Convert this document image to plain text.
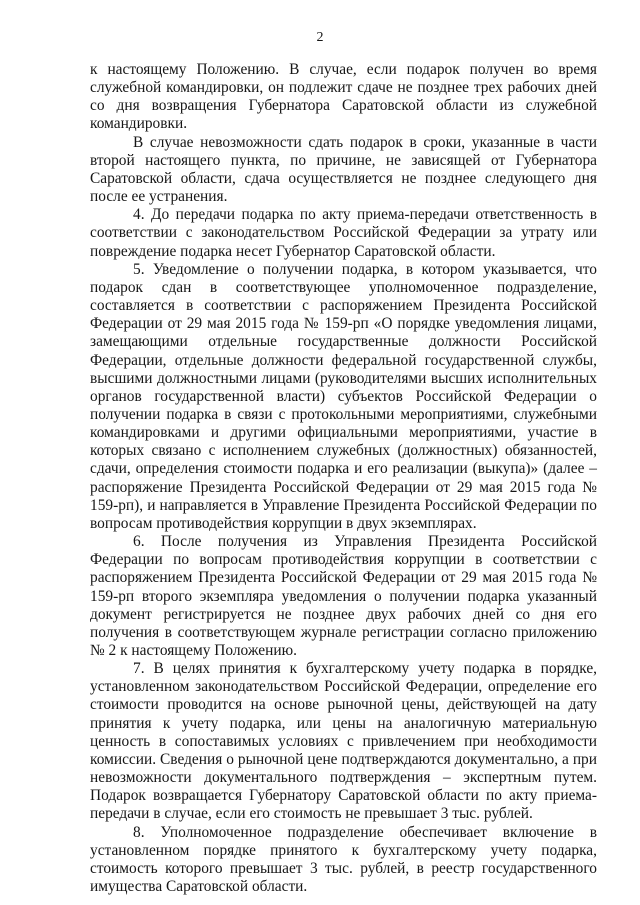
2

к настоящему Положению. В случае, если подарок получен во время служебной командировки, он подлежит сдаче не позднее трех рабочих дней со дня возвращения Губернатора Саратовской области из служебной командировки.

В случае невозможности сдать подарок в сроки, указанные в части второй настоящего пункта, по причине, не зависящей от Губернатора Саратовской области, сдача осуществляется не позднее следующего дня после ее устранения.

4. До передачи подарка по акту приема-передачи ответственность в соответствии с законодательством Российской Федерации за утрату или повреждение подарка несет Губернатор Саратовской области.

5. Уведомление о получении подарка, в котором указывается, что подарок сдан в соответствующее уполномоченное подразделение, составляется в соответствии с распоряжением Президента Российской Федерации от 29 мая 2015 года № 159-рп «О порядке уведомления лицами, замещающими отдельные государственные должности Российской Федерации, отдельные должности федеральной государственной службы, высшими должностными лицами (руководителями высших исполнительных органов государственной власти) субъектов Российской Федерации о получении подарка в связи с протокольными мероприятиями, служебными командировками и другими официальными мероприятиями, участие в которых связано с исполнением служебных (должностных) обязанностей, сдачи, определения стоимости подарка и его реализации (выкупа)» (далее – распоряжение Президента Российской Федерации от 29 мая 2015 года № 159-рп), и направляется в Управление Президента Российской Федерации по вопросам противодействия коррупции в двух экземплярах.

6. После получения из Управления Президента Российской Федерации по вопросам противодействия коррупции в соответствии с распоряжением Президента Российской Федерации от 29 мая 2015 года № 159-рп второго экземпляра уведомления о получении подарка указанный документ регистрируется не позднее двух рабочих дней со дня его получения в соответствующем журнале регистрации согласно приложению № 2 к настоящему Положению.

7. В целях принятия к бухгалтерскому учету подарка в порядке, установленном законодательством Российской Федерации, определение его стоимости проводится на основе рыночной цены, действующей на дату принятия к учету подарка, или цены на аналогичную материальную ценность в сопоставимых условиях с привлечением при необходимости комиссии. Сведения о рыночной цене подтверждаются документально, а при невозможности документального подтверждения – экспертным путем. Подарок возвращается Губернатору Саратовской области по акту приема-передачи в случае, если его стоимость не превышает 3 тыс. рублей.

8. Уполномоченное подразделение обеспечивает включение в установленном порядке принятого к бухгалтерскому учету подарка, стоимость которого превышает 3 тыс. рублей, в реестр государственного имущества Саратовской области.
